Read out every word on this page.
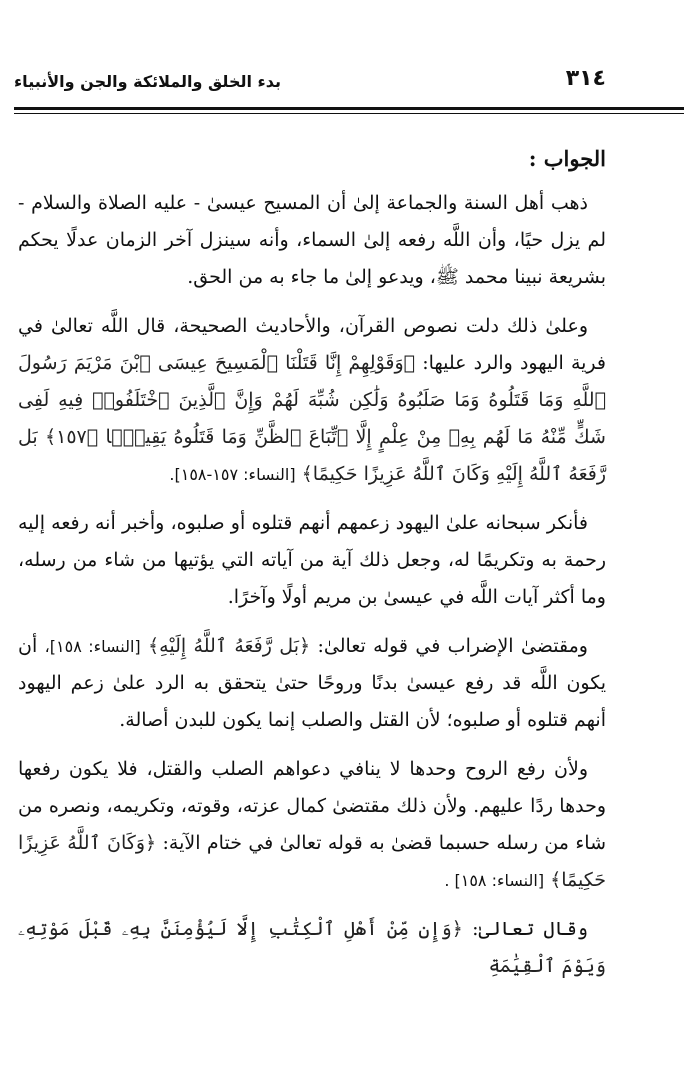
٣١٤
بدء الخلق والملائكة والجن والأنبياء

الجواب :

ذهب أهل السنة والجماعة إلىٰ أن المسيح عيسىٰ - عليه الصلاة والسلام - لم يزل حيًا، وأن اللَّه رفعه إلىٰ السماء، وأنه سينزل آخر الزمان عدلًا يحكم بشريعة نبينا محمد ﷺ، ويدعو إلىٰ ما جاء به من الحق.

وعلىٰ ذلك دلت نصوص القرآن، والأحاديث الصحيحة، قال اللَّه تعالىٰ في فرية اليهود والرد عليها: ﴿وَقَوْلِهِمْ إِنَّا قَتَلْنَا ٱلْمَسِيحَ عِيسَى ٱبْنَ مَرْيَمَ رَسُولَ ٱللَّهِ وَمَا قَتَلُوهُ وَمَا صَلَبُوهُ وَلَٰكِن شُبِّهَ لَهُمْ وَإِنَّ ٱلَّذِينَ ٱخْتَلَفُوا۟ فِيهِ لَفِى شَكٍّ مِّنْهُ مَا لَهُم بِهِۦ مِنْ عِلْمٍ إِلَّا ٱتِّبَاعَ ٱلظَّنِّ وَمَا قَتَلُوهُ يَقِينًۢا ﴿١٥٧﴾ بَل رَّفَعَهُ ٱللَّهُ إِلَيْهِ وَكَانَ ٱللَّهُ عَزِيزًا حَكِيمًا﴾ [النساء: ١٥٧-١٥٨].

فأنكر سبحانه علىٰ اليهود زعمهم أنهم قتلوه أو صلبوه، وأخبر أنه رفعه إليه رحمة به وتكريمًا له، وجعل ذلك آية من آياته التي يؤتيها من شاء من رسله، وما أكثر آيات اللَّه في عيسىٰ بن مريم أولًا وآخرًا.

ومقتضىٰ الإضراب في قوله تعالىٰ: ﴿بَل رَّفَعَهُ ٱللَّهُ إِلَيْهِ﴾ [النساء: ١٥٨]، أن يكون اللَّه قد رفع عيسىٰ بدنًا وروحًا حتىٰ يتحقق به الرد علىٰ زعم اليهود أنهم قتلوه أو صلبوه؛ لأن القتل والصلب إنما يكون للبدن أصالة.

ولأن رفع الروح وحدها لا ينافي دعواهم الصلب والقتل، فلا يكون رفعها وحدها ردًا عليهم. ولأن ذلك مقتضىٰ كمال عزته، وقوته، وتكريمه، ونصره من شاء من رسله حسبما قضىٰ به قوله تعالىٰ في ختام الآية: ﴿وَكَانَ ٱللَّهُ عَزِيزًا حَكِيمًا﴾ [النساء: ١٥٨] .

وقال تعالىٰ: ﴿وَإِن مِّنْ أَهْلِ ٱلْكِتَٰبِ إِلَّا لَيُؤْمِنَنَّ بِهِۦ قَبْلَ مَوْتِهِۦ وَيَوْمَ ٱلْقِيَٰمَةِ
